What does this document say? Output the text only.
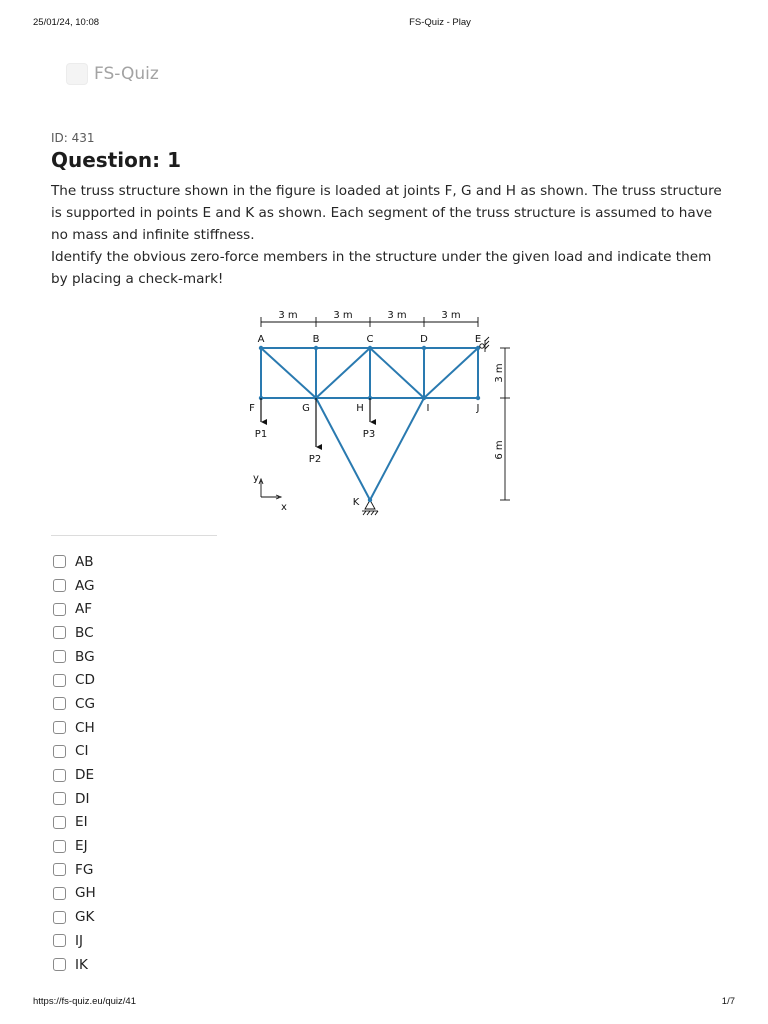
25/01/24, 10:08	FS-Quiz - Play
FS-Quiz
ID: 431
Question: 1

The truss structure shown in the figure is loaded at joints F, G and H as shown. The truss structure is supported in points E and K as shown. Each segment of the truss structure is assumed to have no mass and infinite stiffness.

Identify the obvious zero-force members in the structure under the given load and indicate them by placing a check-mark!

3 m	3 m	3 m	3 m
3 m
6 m
P1
P2
P3
A	B	C	D	E
F	G	H	I	J
K
y
x
AB
AG
AF
BC
BG
CD
CG
CH
CI
DE
DI
EI
EJ
FG
GH
GK
IJ
IK
https://fs-quiz.eu/quiz/41	1/7
